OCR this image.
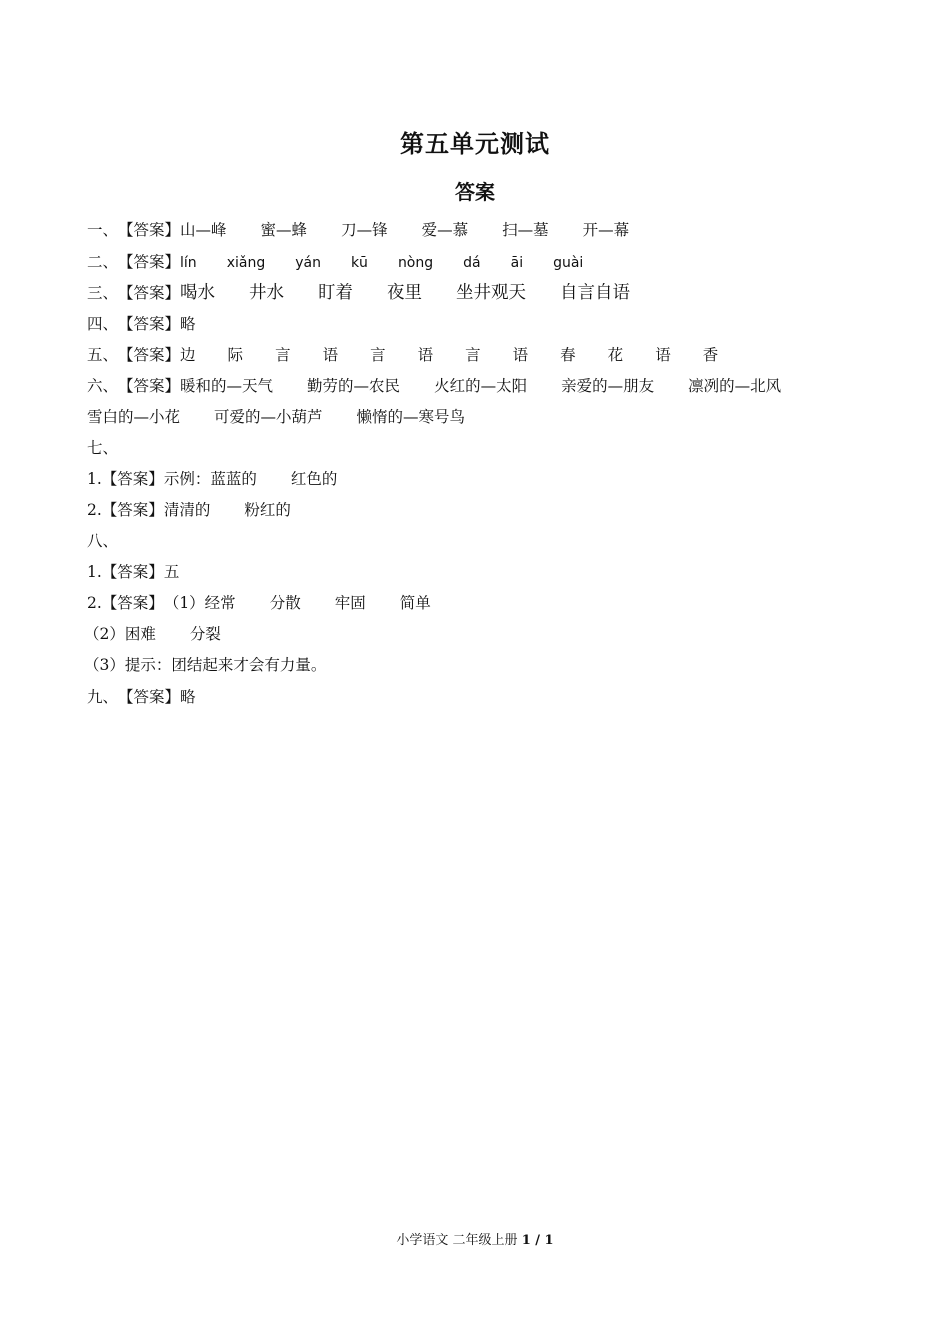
第五单元测试
答案
一、【答案】山—峰 蜜—蜂 刀—锋 爱—慕 扫—墓 开—幕
二、【答案】lín xiǎng yán kū nòng dá āi guài
三、【答案】喝水 井水 盯着 夜里 坐井观天 自言自语
四、【答案】略
五、【答案】边 际 言 语 言 语 言 语 春 花 语 香
六、【答案】暖和的—天气 勤劳的—农民 火红的—太阳 亲爱的—朋友 凛冽的—北风
雪白的—小花 可爱的—小葫芦 懒惰的—寒号鸟
七、
1.【答案】示例：蓝蓝的 红色的
2.【答案】清清的 粉红的
八、
1.【答案】五
2.【答案】（1）经常 分散 牢固 简单
（2）困难 分裂
（3）提示：团结起来才会有力量。
九、【答案】略
小学语文 二年级上册 1 / 1
